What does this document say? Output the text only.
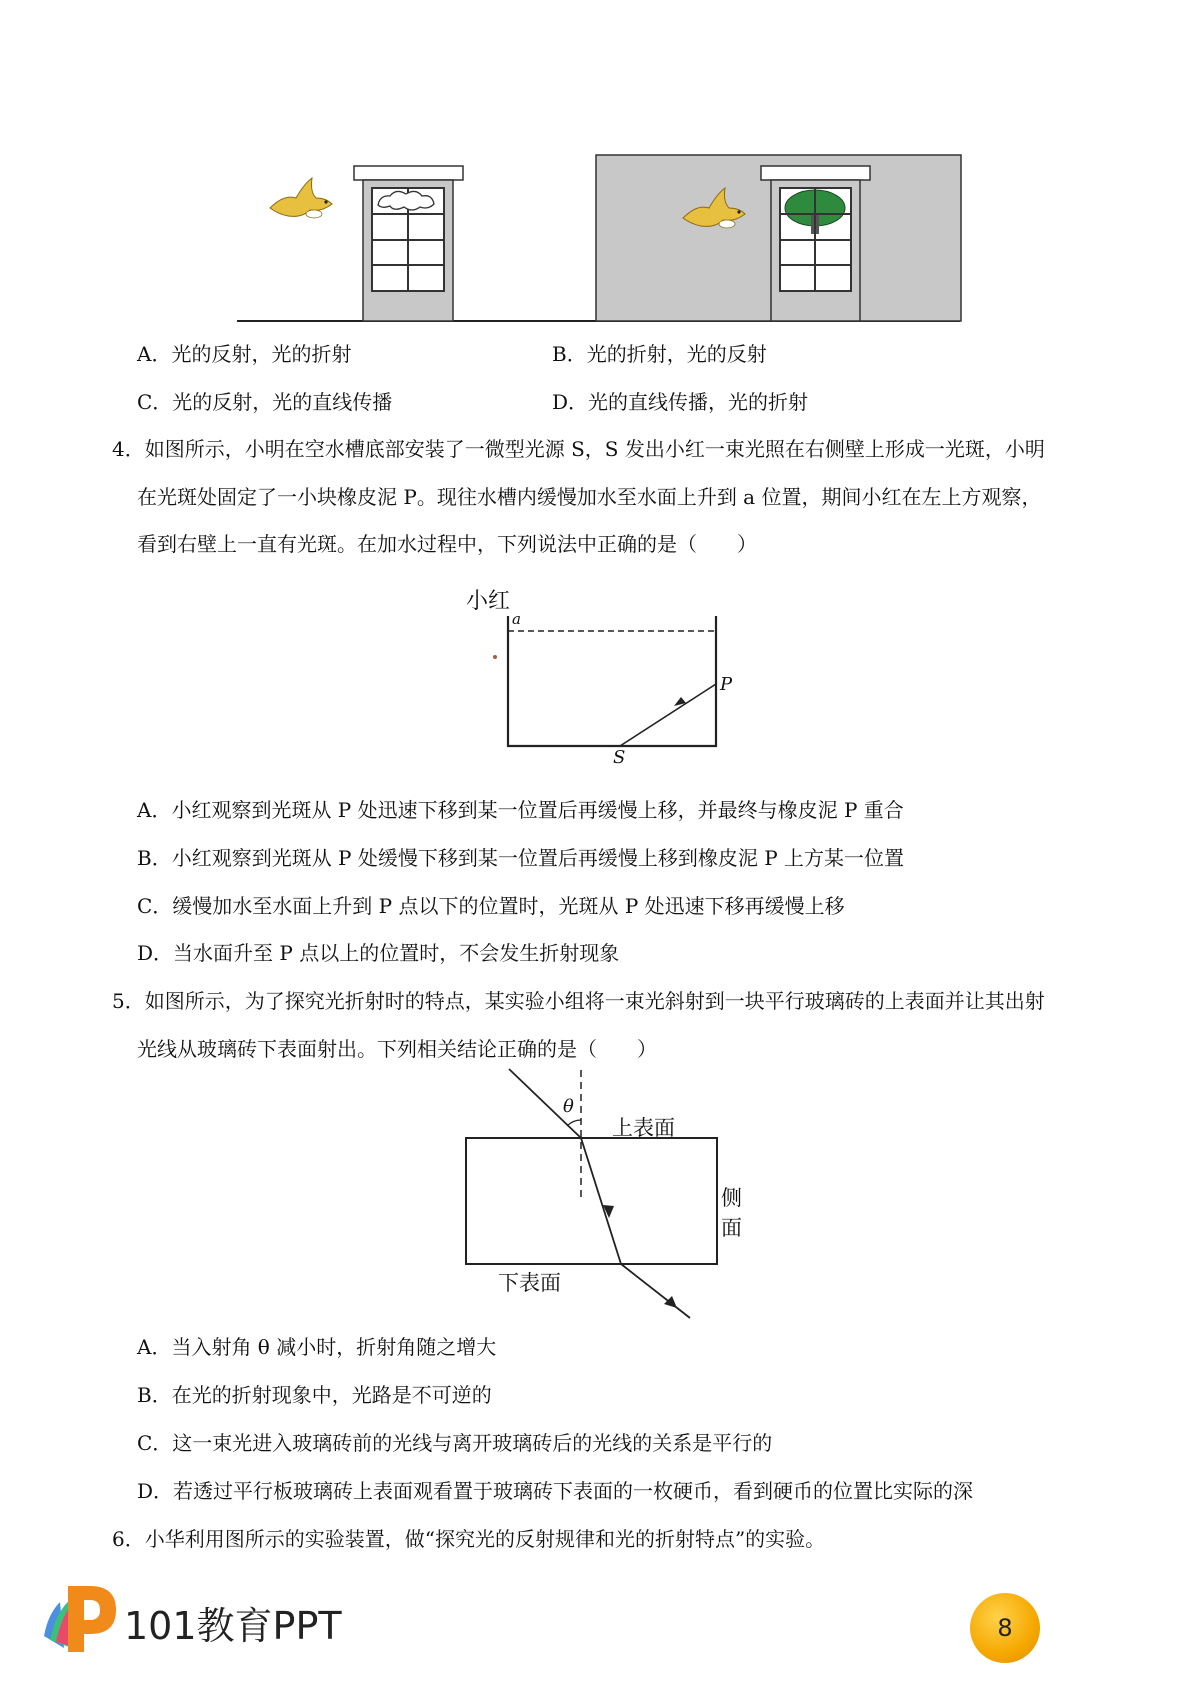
A．光的反射，光的折射	B．光的折射，光的反射
C．光的反射，光的直线传播	D．光的直线传播，光的折射
4．如图所示，小明在空水槽底部安装了一微型光源 S，S 发出小红一束光照在右侧壁上形成一光斑，小明
在光斑处固定了一小块橡皮泥 P。现往水槽内缓慢加水至水面上升到 a 位置，期间小红在左上方观察，
看到右壁上一直有光斑。在加水过程中，下列说法中正确的是（　　）
小红
a
P
S
A．小红观察到光斑从 P 处迅速下移到某一位置后再缓慢上移，并最终与橡皮泥 P 重合
B．小红观察到光斑从 P 处缓慢下移到某一位置后再缓慢上移到橡皮泥 P 上方某一位置
C．缓慢加水至水面上升到 P 点以下的位置时，光斑从 P 处迅速下移再缓慢上移
D．当水面升至 P 点以上的位置时，不会发生折射现象
5．如图所示，为了探究光折射时的特点，某实验小组将一束光斜射到一块平行玻璃砖的上表面并让其出射
光线从玻璃砖下表面射出。下列相关结论正确的是（　　）
θ
上表面
侧
面
下表面
A．当入射角 θ 减小时，折射角随之增大
B．在光的折射现象中，光路是不可逆的
C．这一束光进入玻璃砖前的光线与离开玻璃砖后的光线的关系是平行的
D．若透过平行板玻璃砖上表面观看置于玻璃砖下表面的一枚硬币，看到硬币的位置比实际的深
6．小华利用图所示的实验装置，做“探究光的反射规律和光的折射特点”的实验。
101教育PPT	8
